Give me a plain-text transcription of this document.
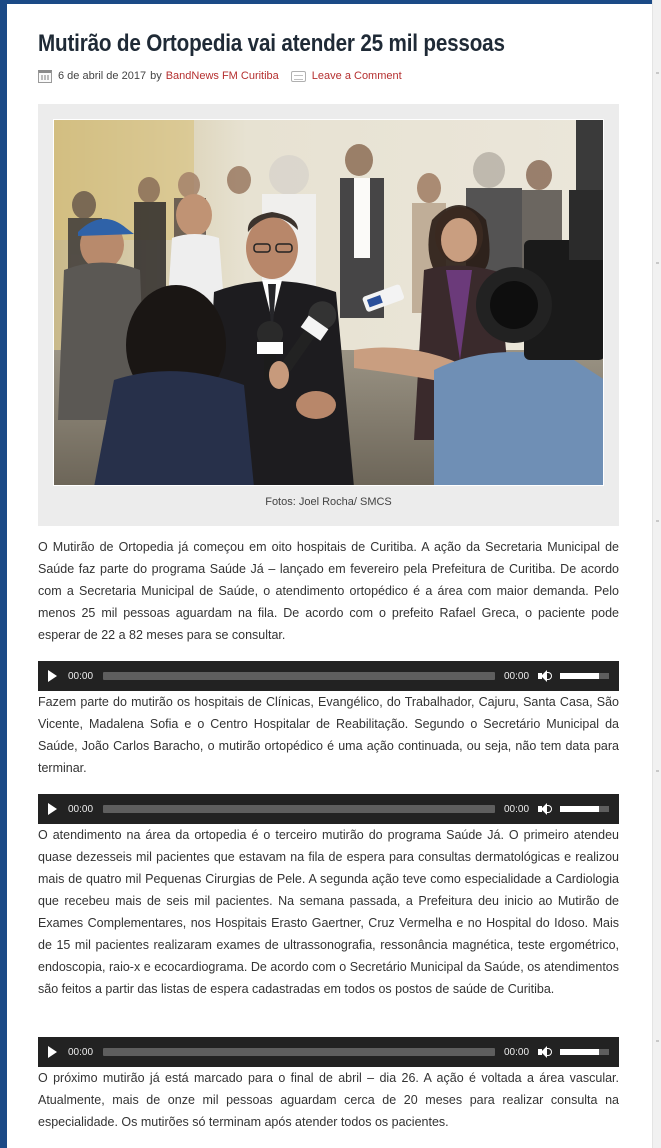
Mutirão de Ortopedia vai atender 25 mil pessoas
6 de abril de 2017 by BandNews FM Curitiba	Leave a Comment
Fotos: Joel Rocha/ SMCS

O Mutirão de Ortopedia já começou em oito hospitais de Curitiba. A ação da Secretaria Municipal de Saúde faz parte do programa Saúde Já – lançado em fevereiro pela Prefeitura de Curitiba. De acordo com a Secretaria Municipal de Saúde, o atendimento ortopédico é a área com maior demanda. Pelo menos 25 mil pessoas aguardam na fila. De acordo com o prefeito Rafael Greca, o paciente pode esperar de 22 a 82 meses para se consultar.

00:00	00:00

Fazem parte do mutirão os hospitais de Clínicas, Evangélico, do Trabalhador, Cajuru, Santa Casa, São Vicente, Madalena Sofia e o Centro Hospitalar de Reabilitação. Segundo o Secretário Municipal da Saúde, João Carlos Baracho, o mutirão ortopédico é uma ação continuada, ou seja, não tem data para terminar.

00:00	00:00

O atendimento na área da ortopedia é o terceiro mutirão do programa Saúde Já. O primeiro atendeu quase dezesseis mil pacientes que estavam na fila de espera para consultas dermatológicas e realizou mais de quatro mil Pequenas Cirurgias de Pele. A segunda ação teve como especialidade a Cardiologia que recebeu mais de seis mil pacientes. Na semana passada, a Prefeitura deu inicio ao Mutirão de Exames Complementares, nos Hospitais Erasto Gaertner, Cruz Vermelha e no Hospital do Idoso. Mais de 15 mil pacientes realizaram exames de ultrassonografia, ressonância magnética, teste ergométrico, endoscopia, raio-x e ecocardiograma. De acordo com o Secretário Municipal da Saúde, os atendimentos são feitos a partir das listas de espera cadastradas em todos os postos de saúde de Curitiba.

00:00	00:00

O próximo mutirão já está marcado para o final de abril – dia 26. A ação é voltada a área vascular. Atualmente, mais de onze mil pessoas aguardam cerca de 20 meses para realizar consulta na especialidade. Os mutirões só terminam após atender todos os pacientes.
